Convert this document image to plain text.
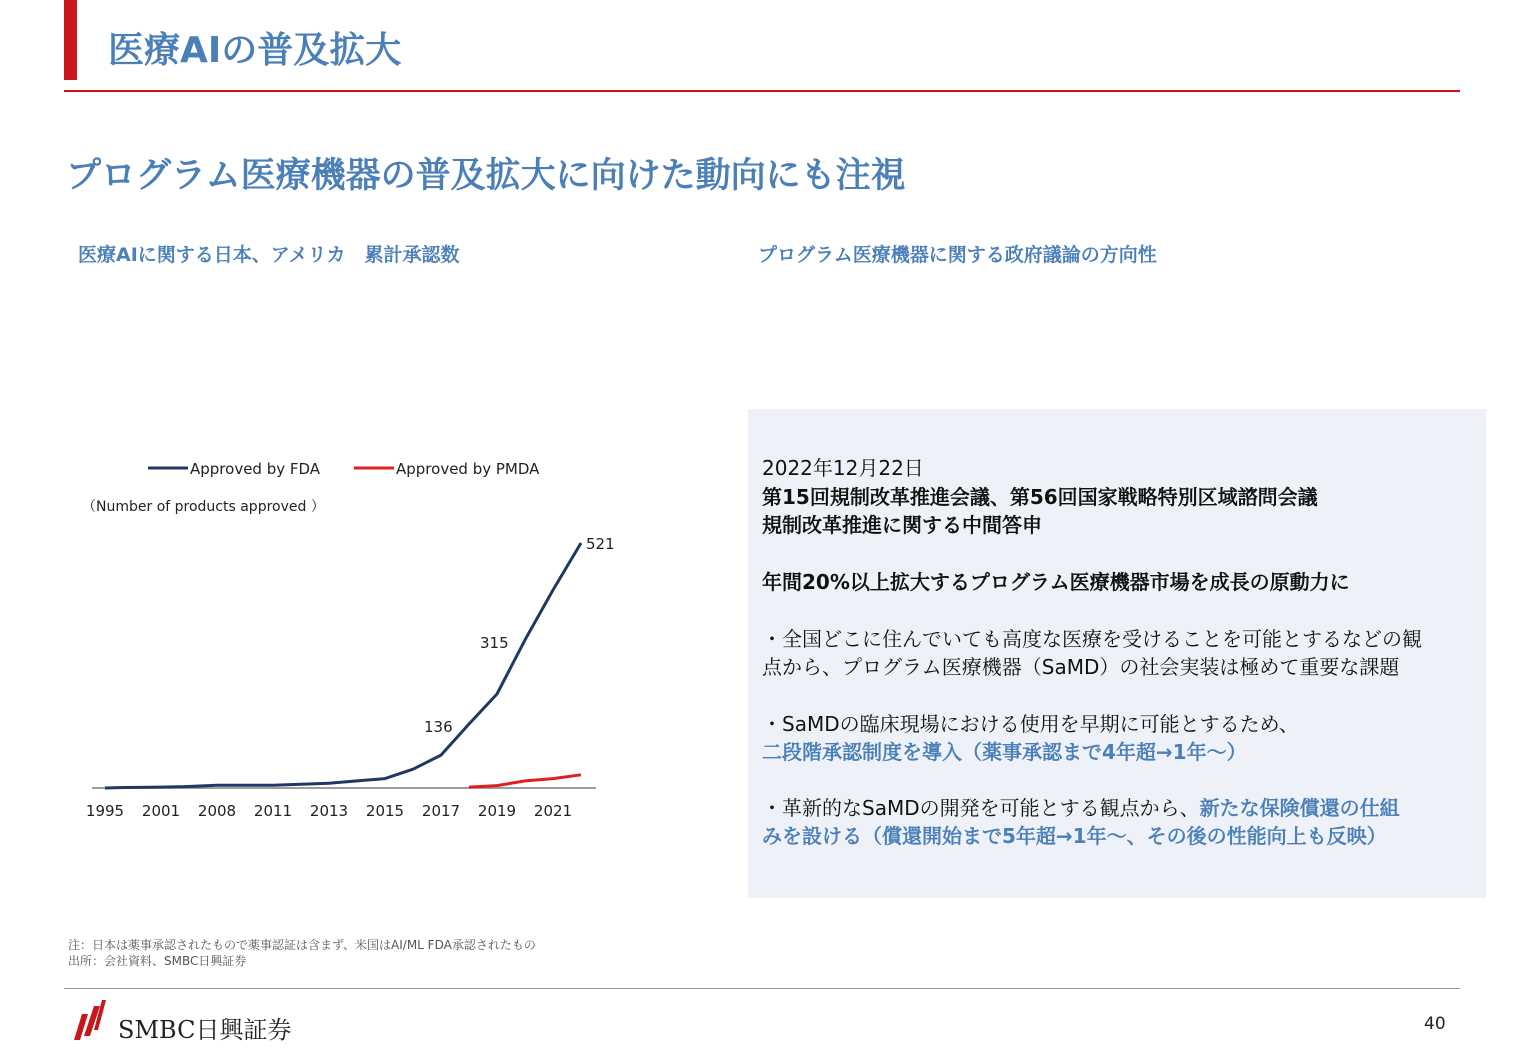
医療AIの普及拡大
プログラム医療機器の普及拡大に向けた動向にも注視
医療AIに関する日本、アメリカ　累計承認数	プログラム医療機器に関する政府議論の方向性
Approved by FDA	Approved by PMDA
（Number of products approved ）
136
315
521
1995 2001 2008 2011 2013 2015 2017 2019 2021
2022年12月22日
第15回規制改革推進会議、第56回国家戦略特別区域諮問会議
規制改革推進に関する中間答申
年間20%以上拡大するプログラム医療機器市場を成長の原動力に
・全国どこに住んでいても高度な医療を受けることを可能とするなどの観
点から、プログラム医療機器（SaMD）の社会実装は極めて重要な課題
・SaMDの臨床現場における使用を早期に可能とするため、
二段階承認制度を導入（薬事承認まで4年超→1年～）
・革新的なSaMDの開発を可能とする観点から、新たな保険償還の仕組
みを設ける（償還開始まで5年超→1年～、その後の性能向上も反映）
注：日本は薬事承認されたもので薬事認証は含まず、米国はAI/ML FDA承認されたもの
出所：会社資料、SMBC日興証券
SMBC日興証券	40
